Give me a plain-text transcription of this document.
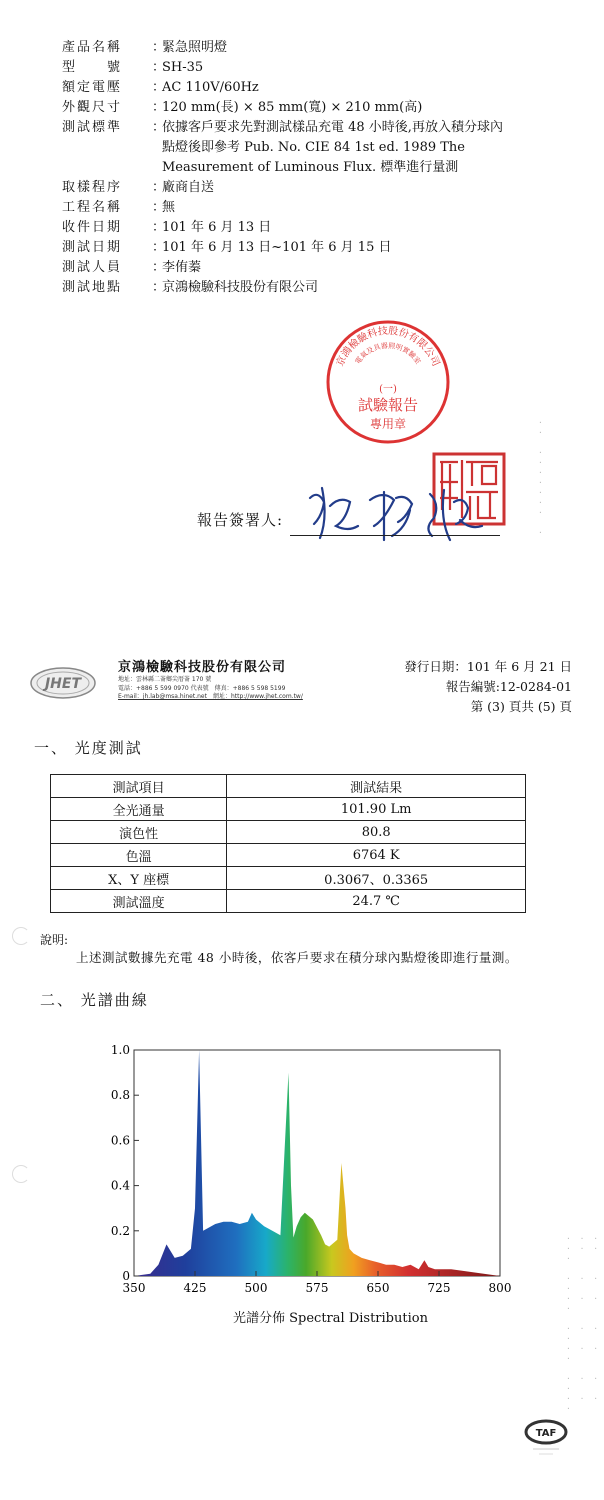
產品名稱	：
緊急照明燈
型　　號	：
SH-35
額定電壓	：
AC 110V/60Hz
外觀尺寸	：
120 mm(長) × 85 mm(寬) × 210 mm(高)
測試標準	：
依據客戶要求先對測試樣品充電 48 小時後,再放入積分球內
點燈後即參考 Pub. No. CIE 84 1st ed. 1989 The
Measurement of Luminous Flux. 標準進行量測
取樣程序	：
廠商自送
工程名稱	：
無
收件日期	：
101 年 6 月 13 日
測試日期	：
101 年 6 月 13 日~101 年 6 月 15 日
測試人員	：
李侑蓁
測試地點	：
京鴻檢驗科技股份有限公司
京鴻檢驗科技股份有限公司
電氣及具器照明實驗室
(一)
試驗報告
專用章
報告簽署人:
·
·

·
·
·
·
·
·
·

·
· · ·
· · · ·

· · · ·
· · · ·

· · · ·
· · · ·

· · · ·
· · · ·
JHET
京鴻檢驗科技股份有限公司
地址：雲林縣二崙鄉尖厝崙 170 號
電話：+886 5 599 0970 代表號　傳真：+886 5 598 5199
E-mail：jh.lab@msa.hinet.net　網址：http://www.jhet.com.tw/
發行日期：101 年 6 月 21 日
報告編號:12-0284-01
第 (3) 頁共 (5) 頁
一、 光度測試
測試項目	測試結果
全光通量	101.90 Lm
演色性	80.8
色溫	6764 K
X、Y 座標	0.3067、0.3365
測試溫度	24.7 ℃
說明:
上述測試數據先充電 48 小時後，依客戶要求在積分球內點燈後即進行量測。
二、 光譜曲線
0
0.2
0.4
0.6
0.8
1.0
350	425	500	575	650	725	800
光譜分佈 Spectral Distribution
TAF
